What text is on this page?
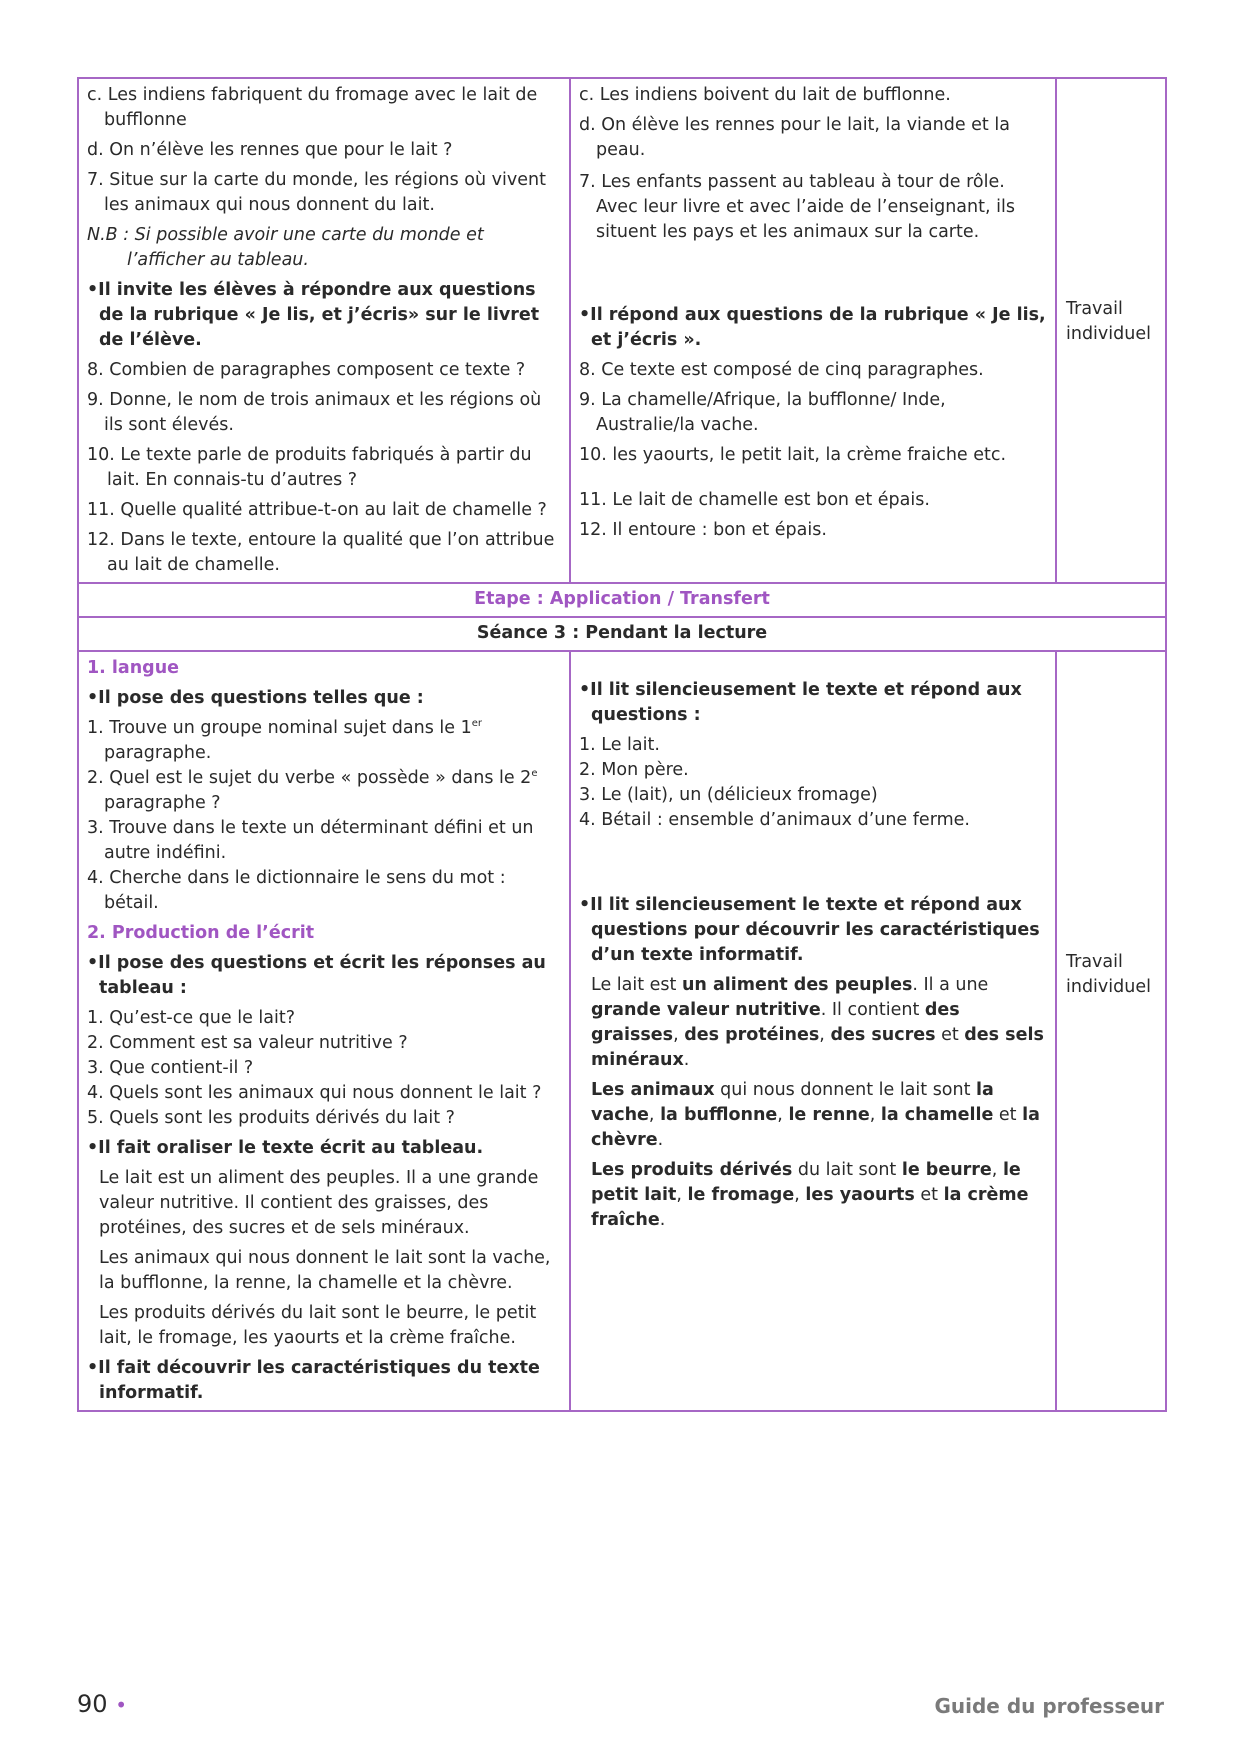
c. Les indiens fabriquent du fromage avec le lait de bufflonne
d. On n’élève les rennes que pour le lait ?
7. Situe sur la carte du monde, les régions où vivent les animaux qui nous donnent du lait.
N.B : Si possible avoir une carte du monde et l’afficher au tableau.
•Il invite les élèves à répondre aux questions de la rubrique « Je lis, et j’écris» sur le livret de l’élève.
8. Combien de paragraphes composent ce texte ?
9. Donne, le nom de trois animaux et les régions où ils sont élevés.
10. Le texte parle de produits fabriqués à partir du lait. En connais-tu d’autres ?
11. Quelle qualité attribue-t-on au lait de chamelle ?
12. Dans le texte, entoure la qualité que l’on attribue au lait de chamelle.
c. Les indiens boivent du lait de bufflonne.
d. On élève les rennes pour le lait, la viande et la peau.
7. Les enfants passent au tableau à tour de rôle. Avec leur livre et avec l’aide de l’enseignant, ils situent les pays et les animaux sur la carte.
•Il répond aux questions de la rubrique « Je lis, et j’écris ».
8. Ce texte est composé de cinq paragraphes.
9. La chamelle/Afrique, la bufflonne/ Inde, Australie/la vache.
10. les yaourts, le petit lait, la crème fraiche etc.
11. Le lait de chamelle est bon et épais.
12. Il entoure : bon et épais.
Travail individuel
Etape : Application / Transfert
Séance 3 : Pendant la lecture
1. langue
•Il pose des questions telles que :
1. Trouve un groupe nominal sujet dans le 1er paragraphe.
2. Quel est le sujet du verbe « possède » dans le 2e paragraphe ?
3. Trouve dans le texte un déterminant défini et un autre indéfini.
4. Cherche dans le dictionnaire le sens du mot : bétail.
2. Production de l’écrit
•Il pose des questions et écrit les réponses au tableau :
1. Qu’est-ce que le lait?
2. Comment est sa valeur nutritive ?
3. Que contient-il ?
4. Quels sont les animaux qui nous donnent le lait ?
5. Quels sont les produits dérivés du lait ?
•Il fait oraliser le texte écrit au tableau.
Le lait est un aliment des peuples. Il a une grande valeur nutritive. Il contient des graisses, des protéines, des sucres et de sels minéraux.
Les animaux qui nous donnent le lait sont la vache, la bufflonne, la renne, la chamelle et la chèvre.
Les produits dérivés du lait sont le beurre, le petit lait, le fromage, les yaourts et la crème fraîche.
•Il fait découvrir les caractéristiques du texte informatif.
•Il lit silencieusement le texte et répond aux questions :
1. Le lait.
2. Mon père.
3. Le (lait), un (délicieux fromage)
4. Bétail : ensemble d’animaux d’une ferme.
•Il lit silencieusement le texte et répond aux questions pour découvrir les caractéristiques d’un texte informatif.
Le lait est un aliment des peuples. Il a une grande valeur nutritive. Il contient des graisses, des protéines, des sucres et des sels minéraux.
Les animaux qui nous donnent le lait sont la vache, la bufflonne, le renne, la chamelle et la chèvre.
Les produits dérivés du lait sont le beurre, le petit lait, le fromage, les yaourts et la crème fraîche.
Travail individuel
90 •	Guide du professeur
